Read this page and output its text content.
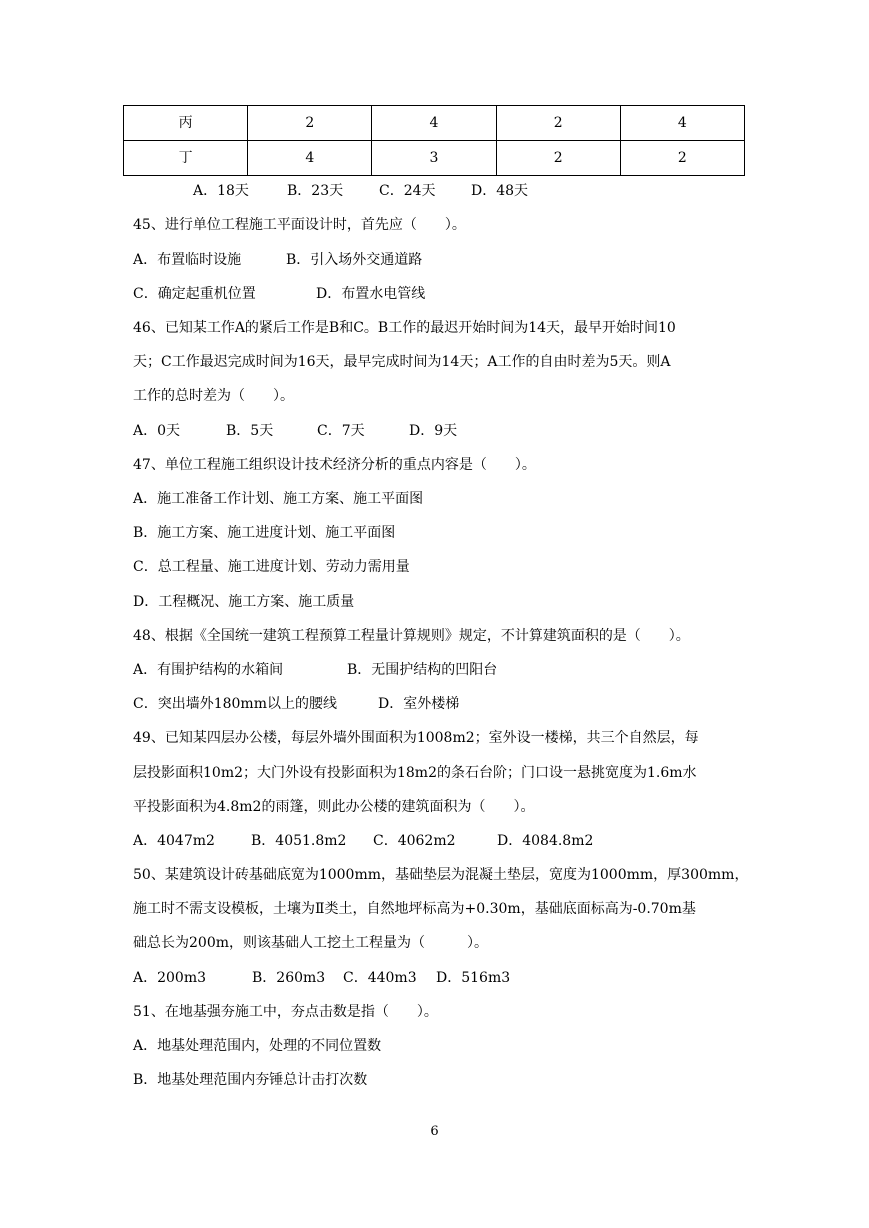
丙	2	4	2	4
丁	4	3	2	2
A．18天	B．23天	C．24天	D．48天
45、进行单位工程施工平面设计时，首先应（　　）。
A．布置临时设施	B．引入场外交通道路
C．确定起重机位置	D．布置水电管线
46、已知某工作A的紧后工作是B和C。B工作的最迟开始时间为14天，最早开始时间10
天；C工作最迟完成时间为16天，最早完成时间为14天；A工作的自由时差为5天。则A
工作的总时差为（　　）。
A．0天	B．5天	C．7天	D．9天
47、单位工程施工组织设计技术经济分析的重点内容是（　　）。
A．施工准备工作计划、施工方案、施工平面图
B．施工方案、施工进度计划、施工平面图
C．总工程量、施工进度计划、劳动力需用量
D．工程概况、施工方案、施工质量
48、根据《全国统一建筑工程预算工程量计算规则》规定，不计算建筑面积的是（　　）。
A．有围护结构的水箱间	B．无围护结构的凹阳台
C．突出墙外180mm以上的腰线	D．室外楼梯
49、已知某四层办公楼，每层外墙外围面积为1008m2；室外设一楼梯，共三个自然层，每
层投影面积10m2；大门外设有投影面积为18m2的条石台阶；门口设一悬挑宽度为1.6m水
平投影面积为4.8m2的雨篷，则此办公楼的建筑面积为（　　）。
A．4047m2	B．4051.8m2 C．4062m2	D．4084.8m2
50、某建筑设计砖基础底宽为1000mm，基础垫层为混凝土垫层，宽度为1000mm，厚300mm，
施工时不需支设模板，土壤为Ⅱ类土，自然地坪标高为+0.30m，基础底面标高为-0.70m基
础总长为200m，则该基础人工挖土工程量为（　　　）。
A．200m3	B．260m3 C．440m3 D．516m3
51、在地基强夯施工中，夯点击数是指（　　）。
A．地基处理范围内，处理的不同位置数
B．地基处理范围内夯锤总计击打次数
6
